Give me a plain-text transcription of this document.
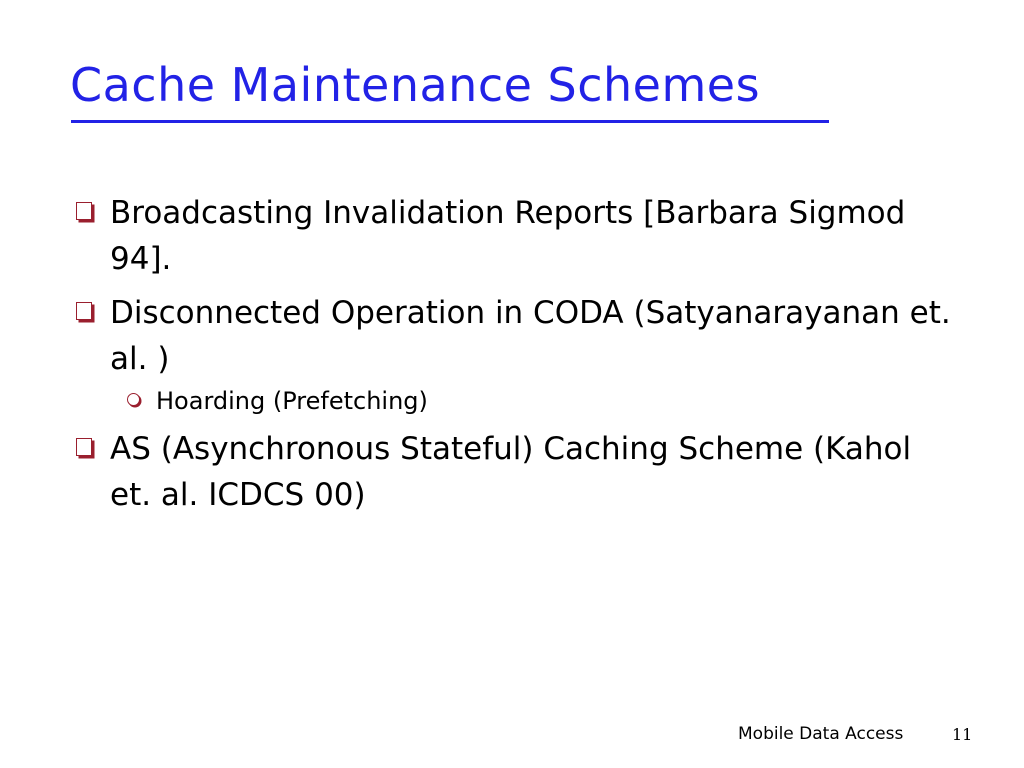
Cache Maintenance Schemes
Broadcasting Invalidation Reports [Barbara Sigmod 94].
Disconnected Operation in CODA (Satyanarayanan et. al. )
Hoarding (Prefetching)
AS (Asynchronous Stateful) Caching Scheme (Kahol et. al. ICDCS 00)
Mobile Data Access	11
